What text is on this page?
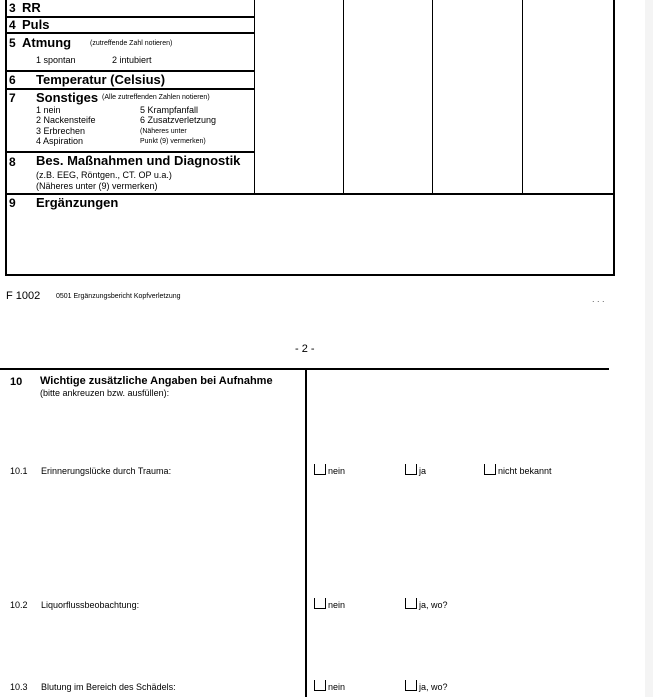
3 RR
4 Puls
5 Atmung	(zutreffende Zahl notieren)
1 spontan	2 intubiert
6 Temperatur (Celsius)
7 Sonstiges (Alle zutreffenden Zahlen notieren)
1 nein
2 Nackensteife
3 Erbrechen
4 Aspiration
5 Krampfanfall
6 Zusatzverletzung
(Näheres unter
Punkt (9) vermerken)
8 Bes. Maßnahmen und Diagnostik
(z.B. EEG, Röntgen., CT. OP u.a.)
(Näheres unter (9) vermerken)
9 Ergänzungen
F 1002 0501 Ergänzungsbericht Kopfverletzung	. . .
- 2 -
10 Wichtige zusätzliche Angaben bei Aufnahme
(bitte ankreuzen bzw. ausfüllen):
10.1 Erinnerungslücke durch Trauma:	nein	ja	nicht bekannt
10.2 Liquorflussbeobachtung:	nein	ja, wo?
10.3 Blutung im Bereich des Schädels:	nein	ja, wo?
